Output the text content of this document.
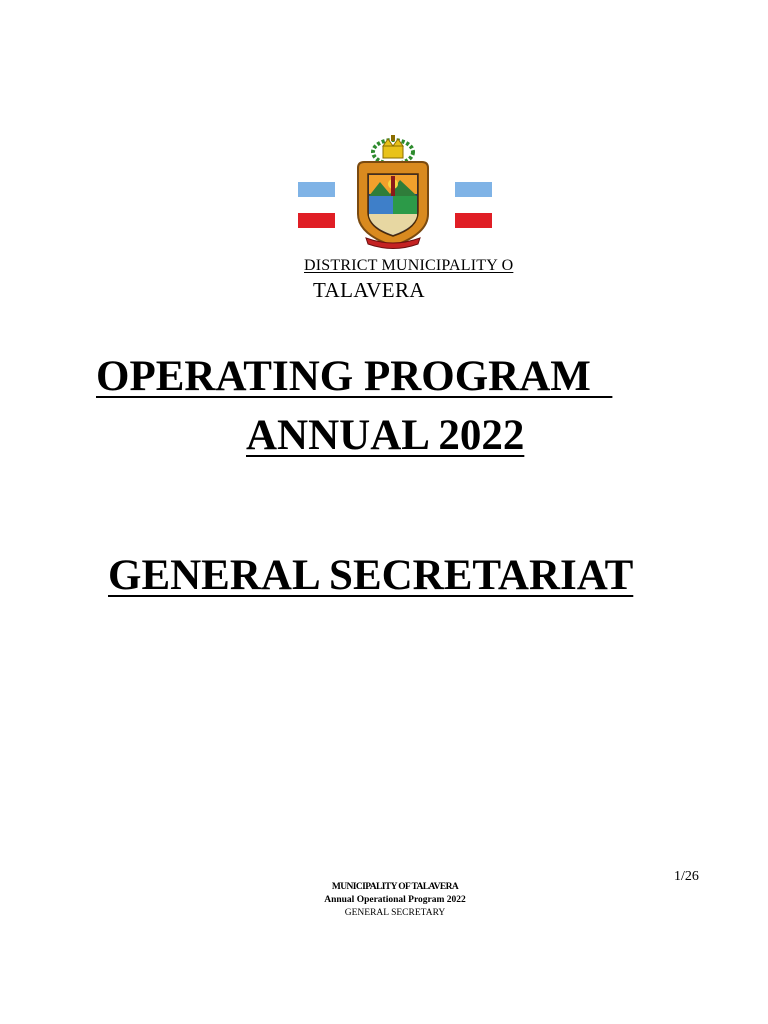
DISTRICT MUNICIPALITY O
TALAVERA
OPERATING PROGRAM
ANNUAL 2022
GENERAL SECRETARIAT
1/26
MUNICIPALITY OF TALAVERA
Annual Operational Program 2022
GENERAL SECRETARY
